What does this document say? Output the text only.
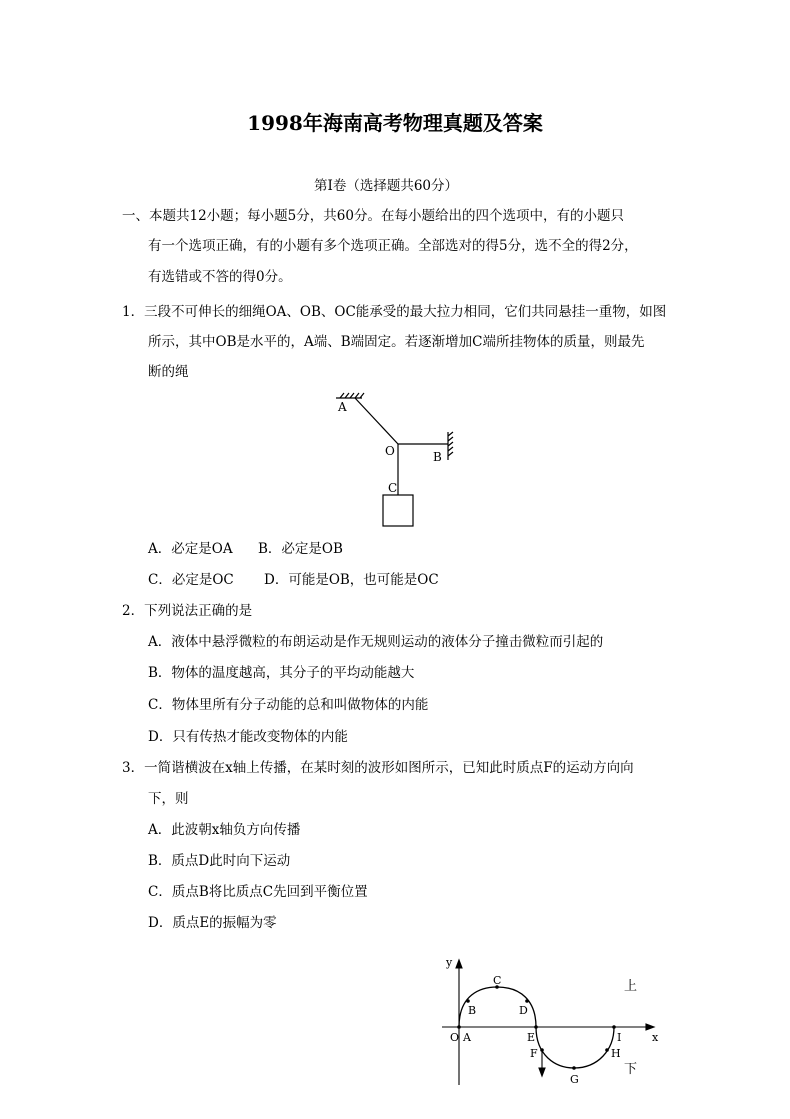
1998年海南高考物理真题及答案
第Ⅰ卷（选择题共60分）
一、本题共12小题；每小题5分，共60分。在每小题给出的四个选项中，有的小题只
有一个选项正确，有的小题有多个选项正确。全部选对的得5分，选不全的得2分，
有选错或不答的得0分。
1．三段不可伸长的细绳OA、OB、OC能承受的最大拉力相同，它们共同悬挂一重物，如图
所示，其中OB是水平的，A端、B端固定。若逐渐增加C端所挂物体的质量，则最先
断的绳
A
O	B
C
A．必定是OA B．必定是OB
C．必定是OC D．可能是OB，也可能是OC
2．下列说法正确的是
A．液体中悬浮微粒的布朗运动是作无规则运动的液体分子撞击微粒而引起的
B．物体的温度越高，其分子的平均动能越大
C．物体里所有分子动能的总和叫做物体的内能
D．只有传热才能改变物体的内能
3．一简谐横波在x轴上传播，在某时刻的波形如图所示，已知此时质点F的运动方向向
下，则
A．此波朝x轴负方向传播
B．质点D此时向下运动
C．质点B将比质点C先回到平衡位置
D．质点E的振幅为零
y
x
O A
B
C
D
E
F
G
H
I
上
下
